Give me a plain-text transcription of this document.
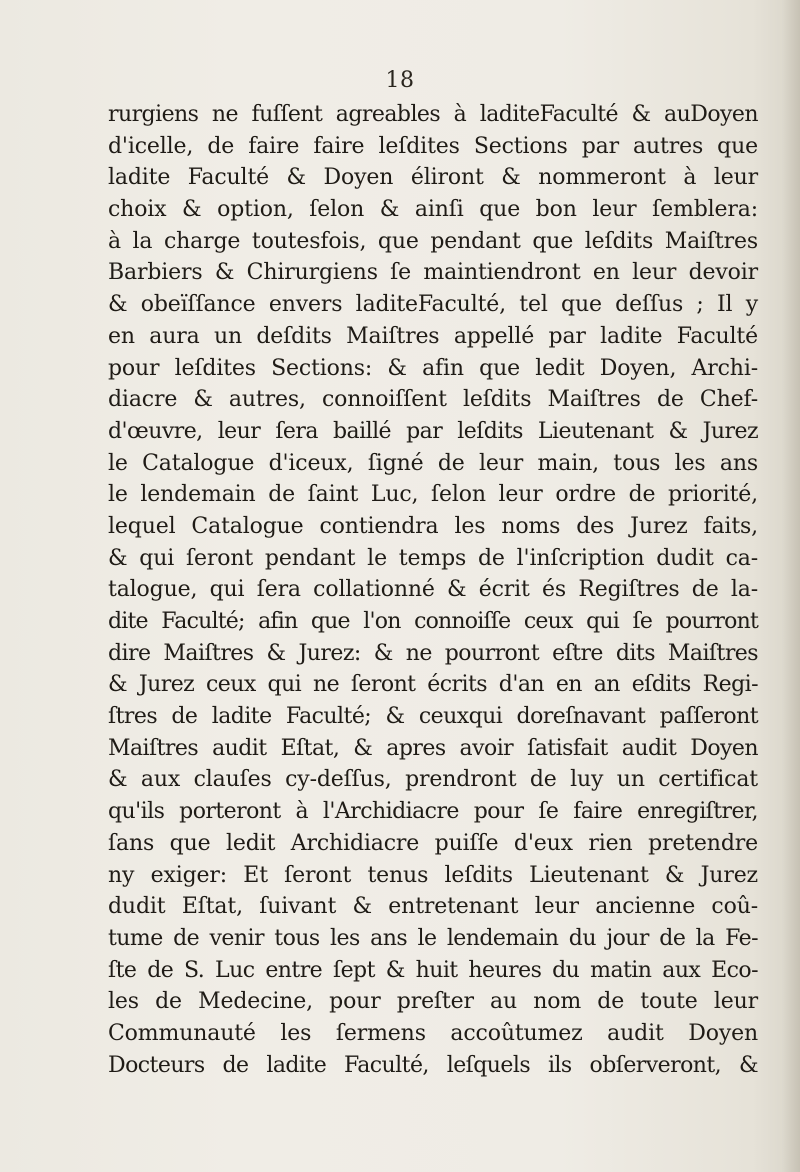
18
rurgiens ne fuſſent agreables à laditeFaculté & auDoyen
d'icelle, de faire faire leſdites Sections par autres que
ladite Faculté & Doyen éliront & nommeront à leur
choix & option, ſelon & ainſi que bon leur ſemblera:
à la charge toutesfois, que pendant que leſdits Maiſtres
Barbiers & Chirurgiens ſe maintiendront en leur devoir
& obeïſſance envers laditeFaculté, tel que deſſus ; Il y
en aura un deſdits Maiſtres appellé par ladite Faculté
pour leſdites Sections: & afin que ledit Doyen, Archi-
diacre & autres, connoiſſent leſdits Maiſtres de Chef-
d'œuvre, leur ſera baillé par leſdits Lieutenant & Jurez
le Catalogue d'iceux, ſigné de leur main, tous les ans
le lendemain de ſaint Luc, ſelon leur ordre de priorité,
lequel Catalogue contiendra les noms des Jurez faits,
& qui ſeront pendant le temps de l'inſcription dudit ca-
talogue, qui ſera collationné & écrit és Regiſtres de la-
dite Faculté; afin que l'on connoiſſe ceux qui ſe pourront
dire Maiſtres & Jurez: & ne pourront eſtre dits Maiſtres
& Jurez ceux qui ne ſeront écrits d'an en an eſdits Regi-
ſtres de ladite Faculté; & ceuxqui doreſnavant paſſeront
Maiſtres audit Eſtat, & apres avoir ſatisfait audit Doyen
& aux clauſes cy-deſſus, prendront de luy un certificat
qu'ils porteront à l'Archidiacre pour ſe faire enregiſtrer,
ſans que ledit Archidiacre puiſſe d'eux rien pretendre
ny exiger: Et ſeront tenus leſdits Lieutenant & Jurez
dudit Eſtat, ſuivant & entretenant leur ancienne coû-
tume de venir tous les ans le lendemain du jour de la Fe-
ſte de S. Luc entre ſept & huit heures du matin aux Eco-
les de Medecine, pour preſter au nom de toute leur
Communauté les ſermens accoûtumez audit Doyen
Docteurs de ladite Faculté, leſquels ils obſerveront, &
